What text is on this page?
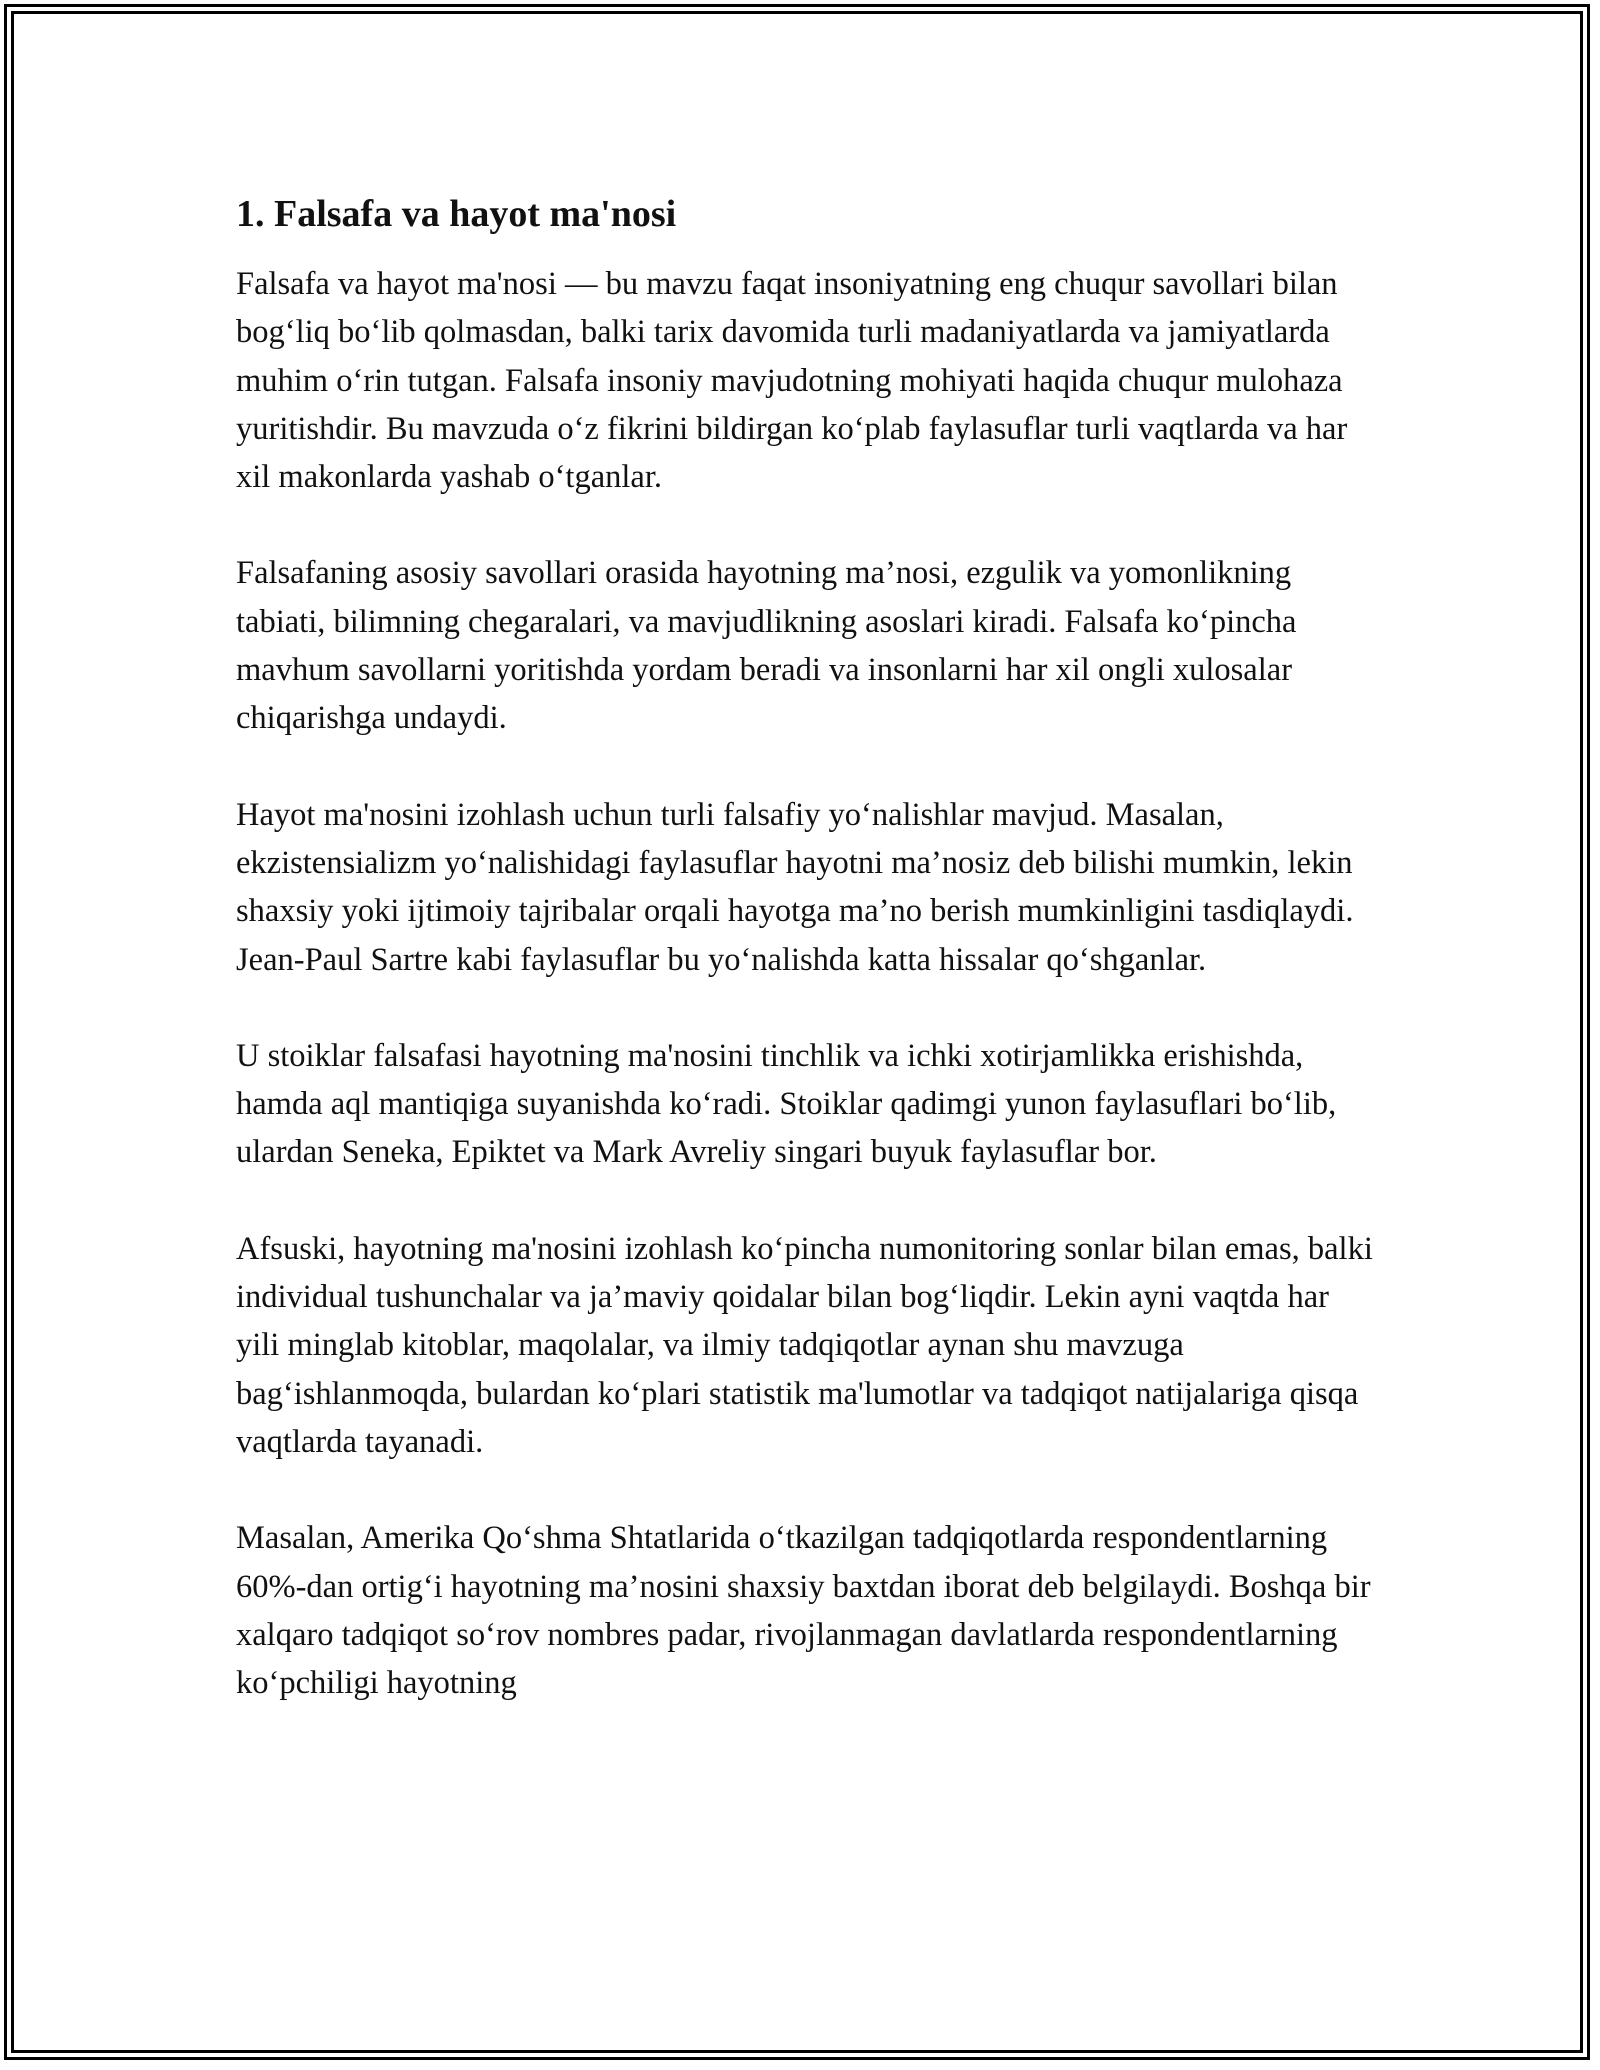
1. Falsafa va hayot ma'nosi

Falsafa va hayot ma'nosi — bu mavzu faqat insoniyatning eng chuqur savollari bilan bog‘liq bo‘lib qolmasdan, balki tarix davomida turli madaniyatlarda va jamiyatlarda muhim o‘rin tutgan. Falsafa insoniy mavjudotning mohiyati haqida chuqur mulohaza yuritishdir. Bu mavzuda o‘z fikrini bildirgan ko‘plab faylasuflar turli vaqtlarda va har xil makonlarda yashab o‘tganlar.

Falsafaning asosiy savollari orasida hayotning ma’nosi, ezgulik va yomonlikning tabiati, bilimning chegaralari, va mavjudlikning asoslari kiradi. Falsafa ko‘pincha mavhum savollarni yoritishda yordam beradi va insonlarni har xil ongli xulosalar chiqarishga undaydi.

Hayot ma'nosini izohlash uchun turli falsafiy yo‘nalishlar mavjud. Masalan, ekzistensializm yo‘nalishidagi faylasuflar hayotni ma’nosiz deb bilishi mumkin, lekin shaxsiy yoki ijtimoiy tajribalar orqali hayotga ma’no berish mumkinligini tasdiqlaydi. Jean-Paul Sartre kabi faylasuflar bu yo‘nalishda katta hissalar qo‘shganlar.

U stoiklar falsafasi hayotning ma'nosini tinchlik va ichki xotirjamlikka erishishda, hamda aql mantiqiga suyanishda ko‘radi. Stoiklar qadimgi yunon faylasuflari bo‘lib, ulardan Seneka, Epiktet va Mark Avreliy singari buyuk faylasuflar bor.

Afsuski, hayotning ma'nosini izohlash ko‘pincha numonitoring sonlar bilan emas, balki individual tushunchalar va ja’maviy qoidalar bilan bog‘liqdir. Lekin ayni vaqtda har yili minglab kitoblar, maqolalar, va ilmiy tadqiqotlar aynan shu mavzuga bag‘ishlanmoqda, bulardan ko‘plari statistik ma'lumotlar va tadqiqot natijalariga qisqa vaqtlarda tayanadi.

Masalan, Amerika Qo‘shma Shtatlarida o‘tkazilgan tadqiqotlarda respondentlarning 60%-dan ortig‘i hayotning ma’nosini shaxsiy baxtdan iborat deb belgilaydi. Boshqa bir xalqaro tadqiqot so‘rov nombres padar, rivojlanmagan davlatlarda respondentlarning ko‘pchiligi hayotning
